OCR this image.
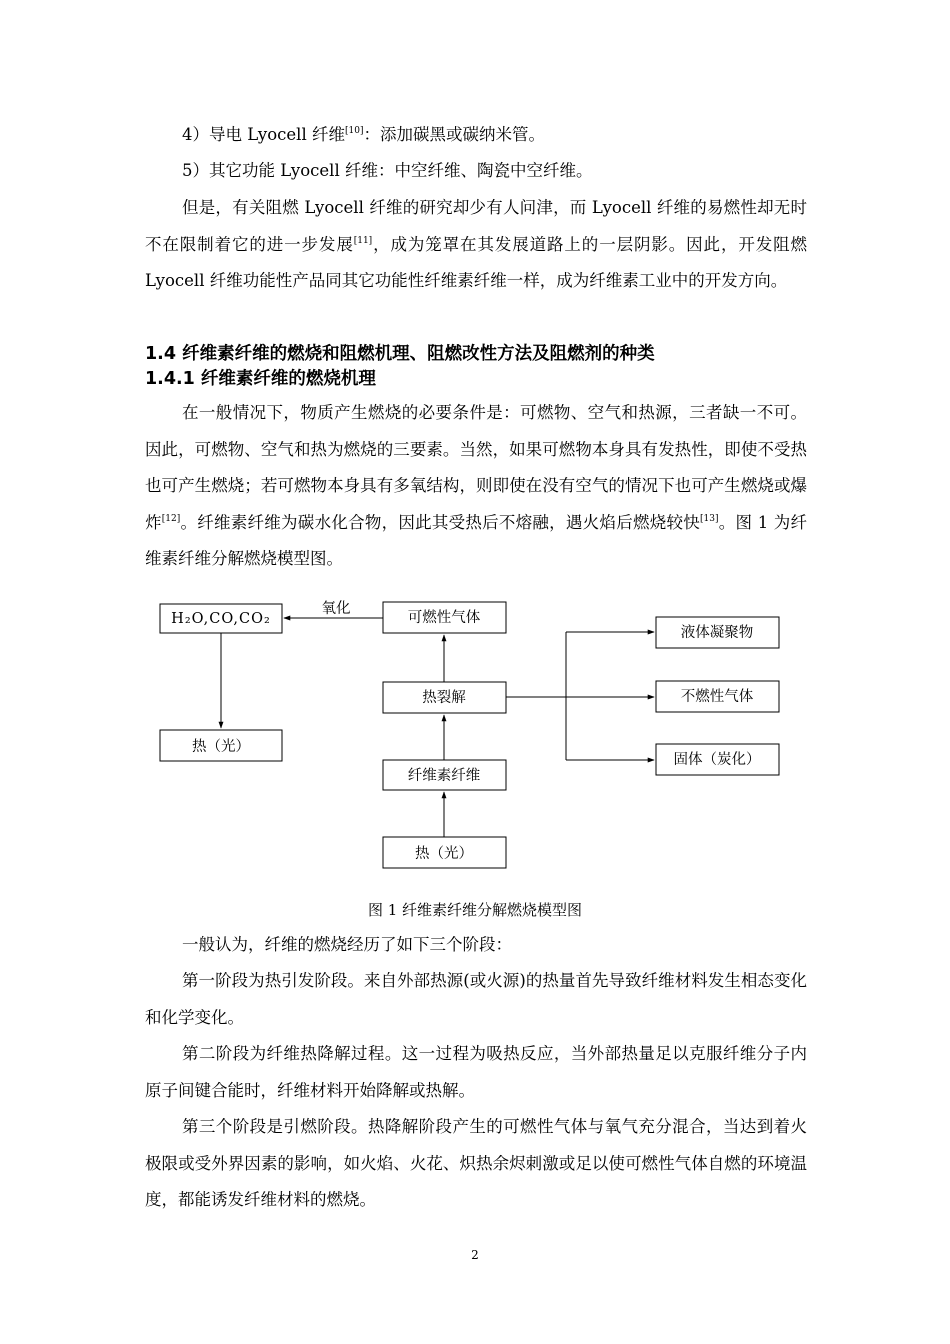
4）导电 Lyocell 纤维[10]：添加碳黑或碳纳米管。

5）其它功能 Lyocell 纤维：中空纤维、陶瓷中空纤维。

但是，有关阻燃 Lyocell 纤维的研究却少有人问津，而 Lyocell 纤维的易燃性却无时不在限制着它的进一步发展[11]，成为笼罩在其发展道路上的一层阴影。因此，开发阻燃 Lyocell 纤维功能性产品同其它功能性纤维素纤维一样，成为纤维素工业中的开发方向。

1.4 纤维素纤维的燃烧和阻燃机理、阻燃改性方法及阻燃剂的种类
1.4.1 纤维素纤维的燃烧机理

在一般情况下，物质产生燃烧的必要条件是：可燃物、空气和热源，三者缺一不可。因此，可燃物、空气和热为燃烧的三要素。当然，如果可燃物本身具有发热性，即使不受热也可产生燃烧；若可燃物本身具有多氧结构，则即使在没有空气的情况下也可产生燃烧或爆炸[12]。纤维素纤维为碳水化合物，因此其受热后不熔融，遇火焰后燃烧较快[13]。图 1 为纤维素纤维分解燃烧模型图。

H₂O,CO,CO₂
热（光）
可燃性气体
热裂解
纤维素纤维
热（光）
液体凝聚物
不燃性气体
固体（炭化）
氧化
图 1 纤维素纤维分解燃烧模型图

一般认为，纤维的燃烧经历了如下三个阶段：

第一阶段为热引发阶段。来自外部热源(或火源)的热量首先导致纤维材料发生相态变化和化学变化。

第二阶段为纤维热降解过程。这一过程为吸热反应，当外部热量足以克服纤维分子内原子间键合能时，纤维材料开始降解或热解。

第三个阶段是引燃阶段。热降解阶段产生的可燃性气体与氧气充分混合，当达到着火极限或受外界因素的影响，如火焰、火花、炽热余烬刺激或足以使可燃性气体自燃的环境温度，都能诱发纤维材料的燃烧。

2
